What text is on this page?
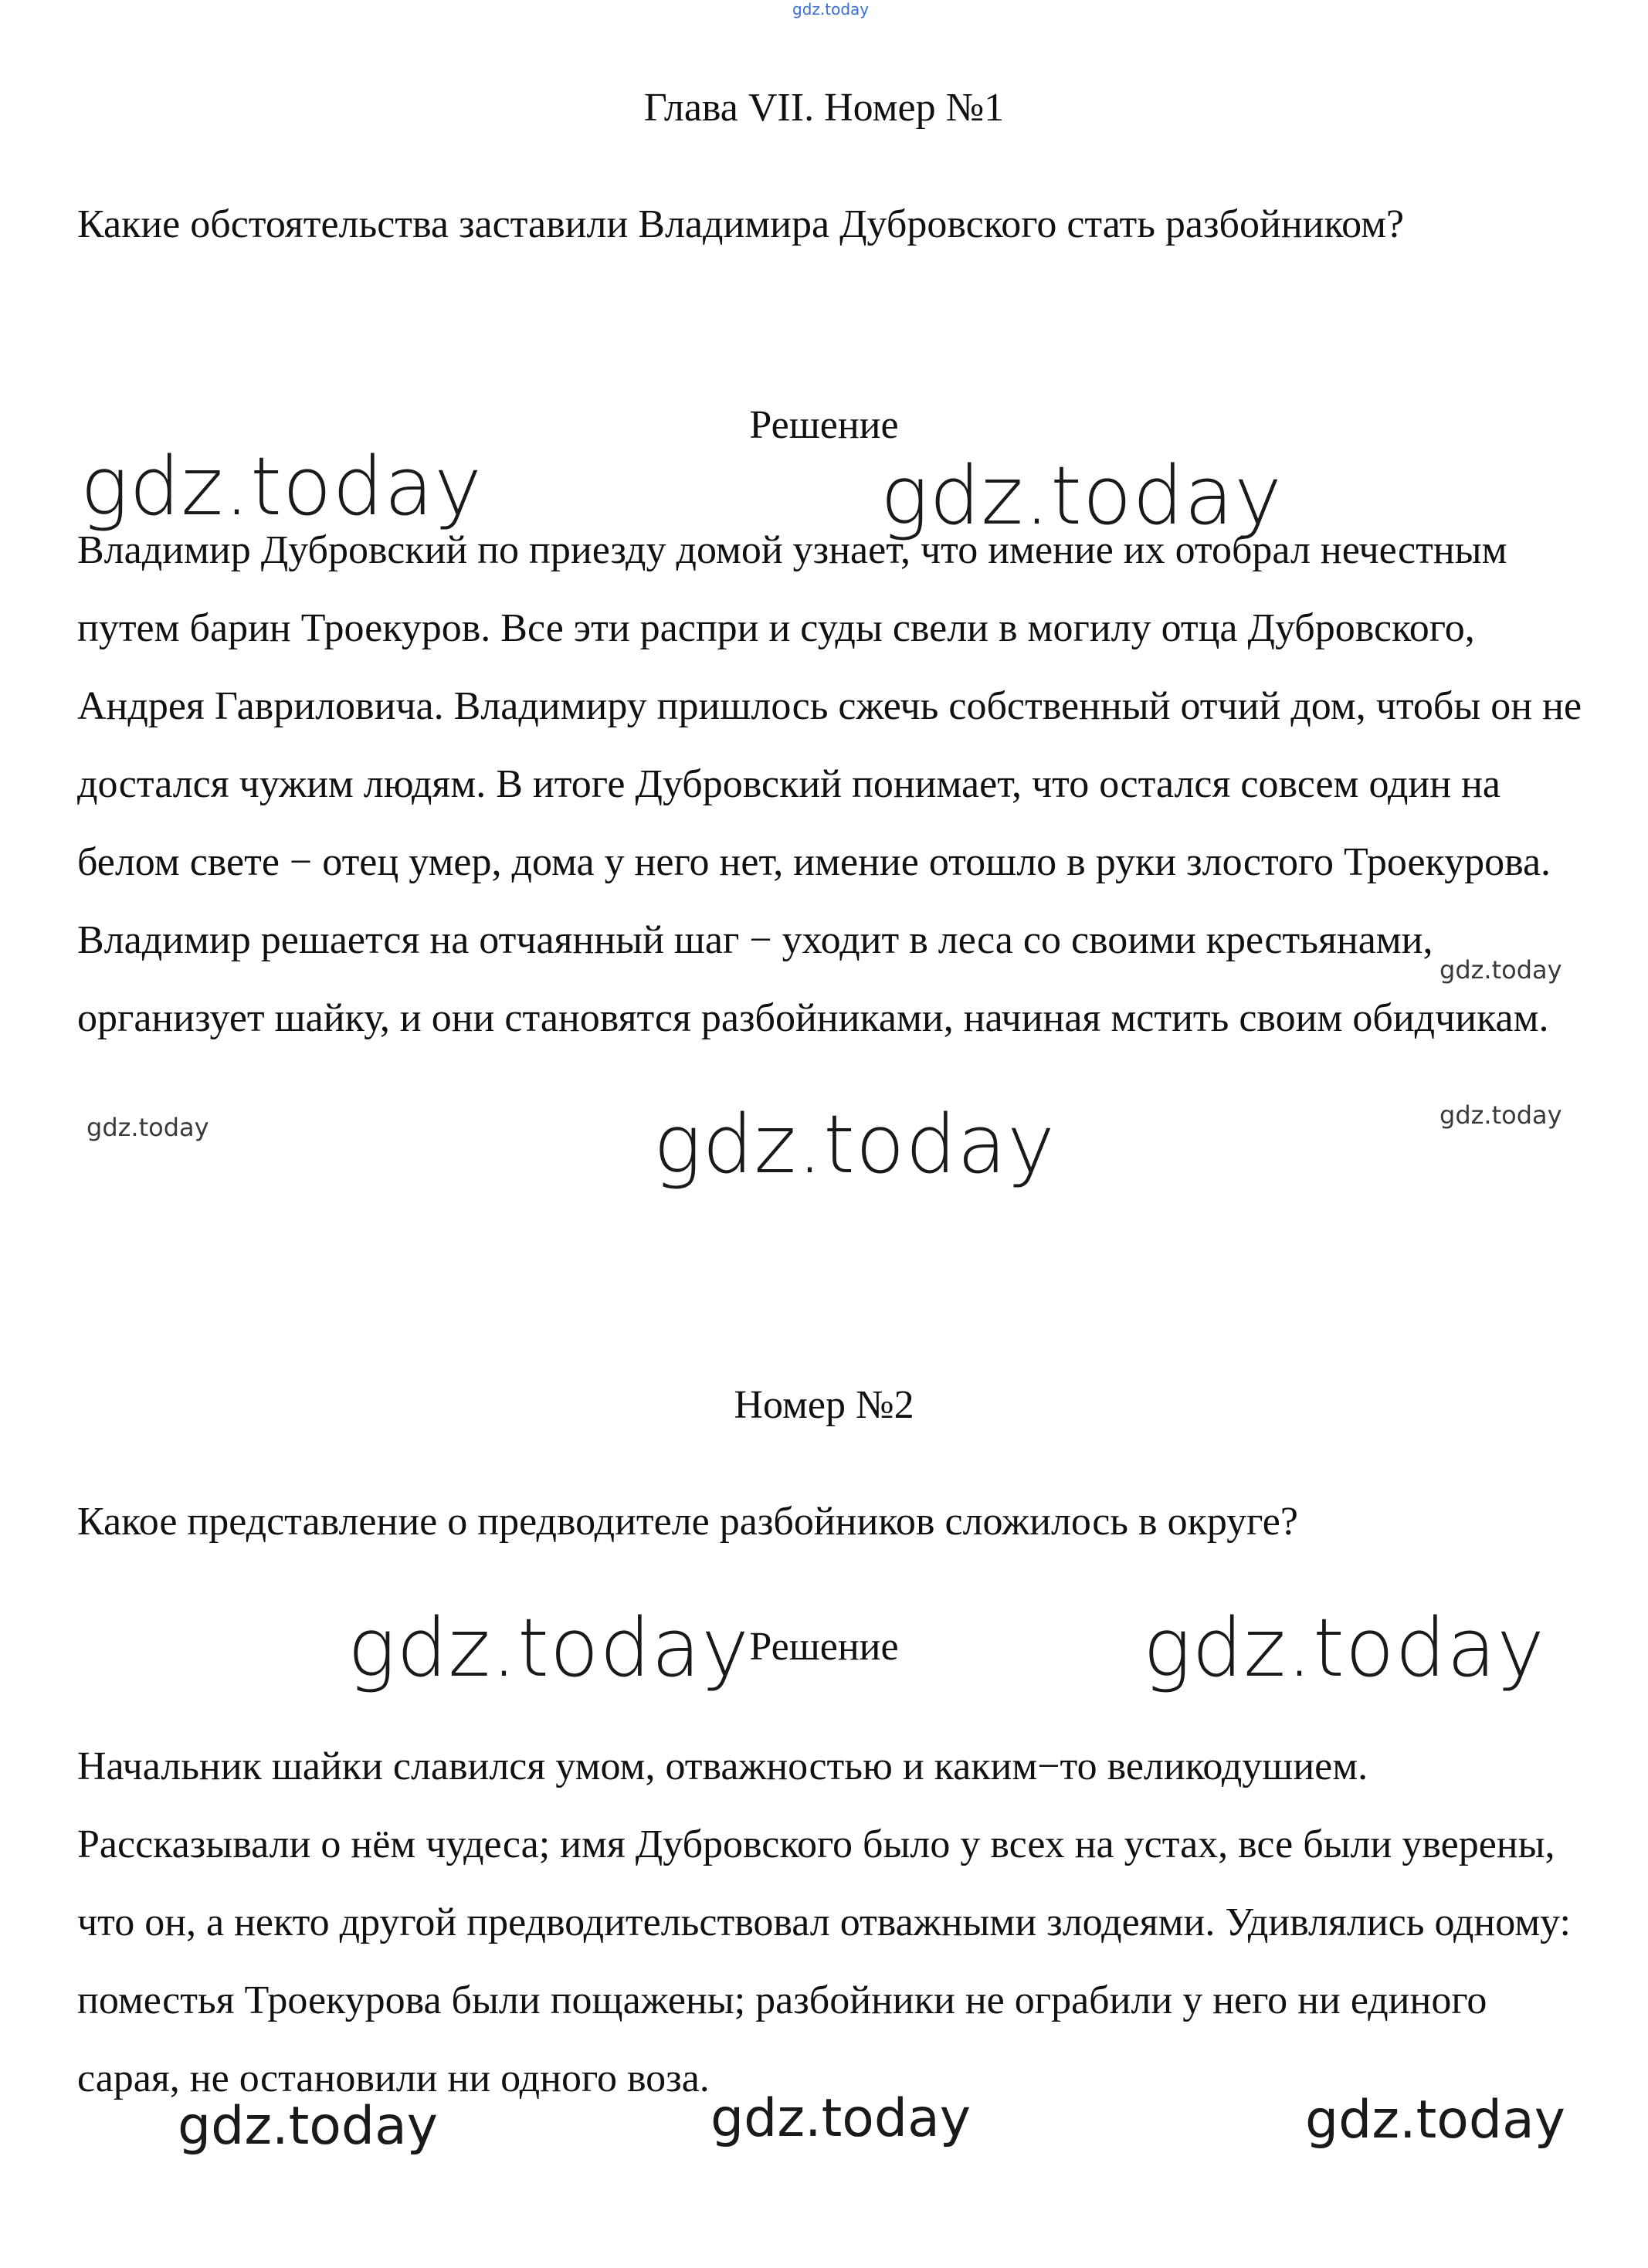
gdz.today
Глава VII. Номер №1

Какие обстоятельства заставили Владимира Дубровского стать разбойником?

Решение

Владимир Дубровский по приезду домой узнает, что имение их отобрал нечестным путем барин Троекуров. Все эти распри и суды свели в могилу отца Дубровского, Андрея Гавриловича. Владимиру пришлось сжечь собственный отчий дом, чтобы он не достался чужим людям. В итоге Дубровский понимает, что остался совсем один на белом свете − отец умер, дома у него нет, имение отошло в руки злостого Троекурова. Владимир решается на отчаянный шаг − уходит в леса со своими крестьянами, организует шайку, и они становятся разбойниками, начиная мстить своим обидчикам.

Номер №2

Какое представление о предводителе разбойников сложилось в округе?

Решение

Начальник шайки славился умом, отважностью и каким−то великодушием. Рассказывали о нём чудеса; имя Дубровского было у всех на устах, все были уверены, что он, а некто другой предводительствовал отважными злодеями. Удивлялись одному: поместья Троекурова были пощажены; разбойники не ограбили у него ни единого сарая, не остановили ни одного воза.

gdz.today	gdz.today
gdz.today
gdz.today	gdz.today
gdz.today
gdz.today	gdz.today
gdz.today	gdz.today	gdz.today
